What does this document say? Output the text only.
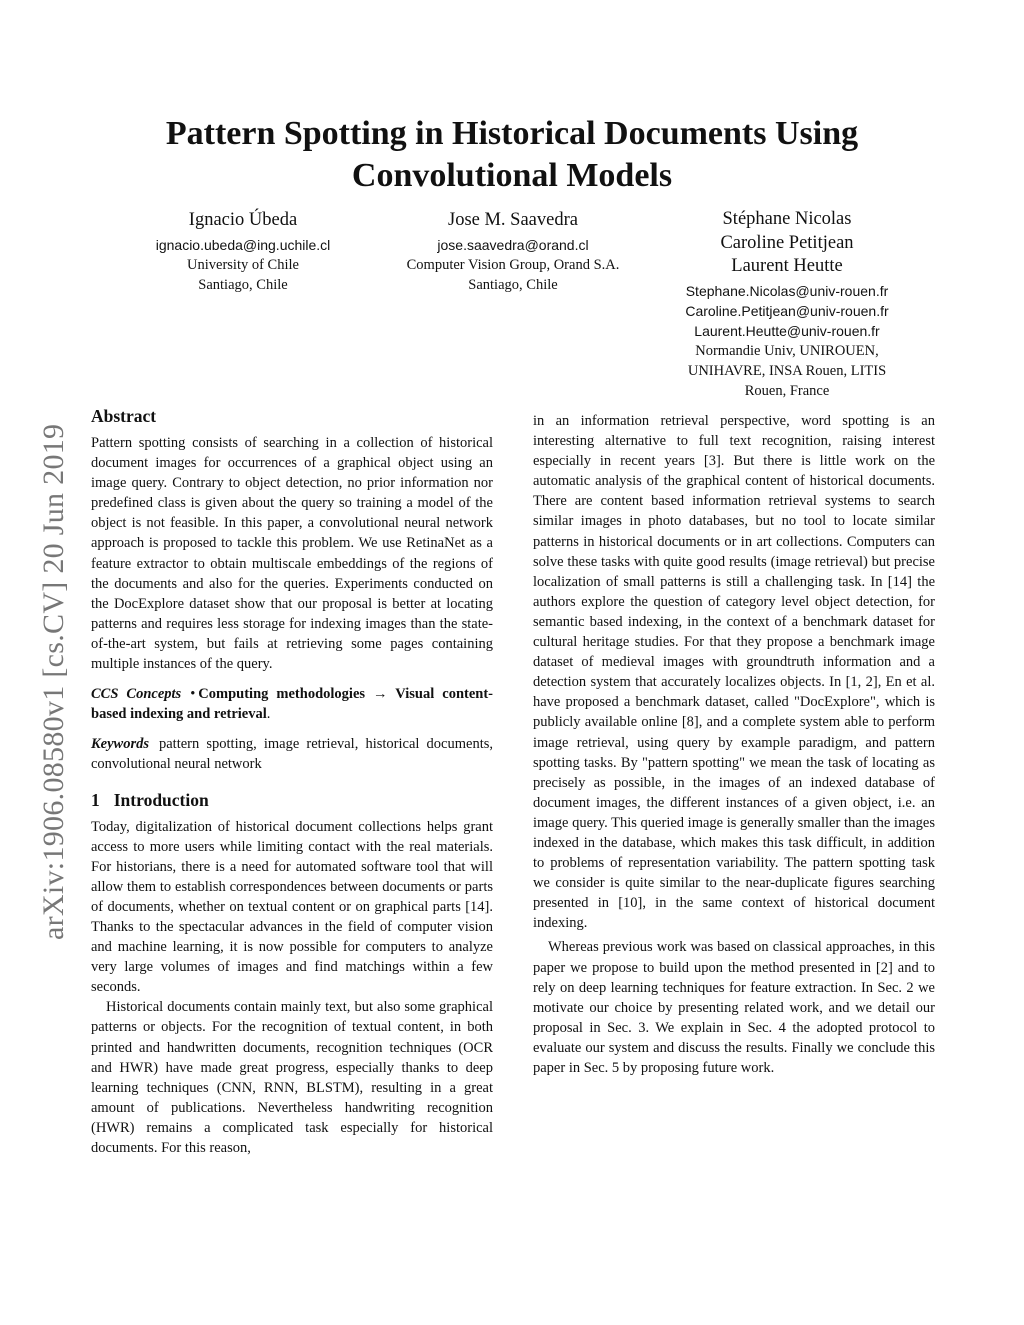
arXiv:1906.08580v1 [cs.CV] 20 Jun 2019
Pattern Spotting in Historical Documents Using
Convolutional Models
Ignacio Úbeda
ignacio.ubeda@ing.uchile.cl
University of Chile
Santiago, Chile
Jose M. Saavedra
jose.saavedra@orand.cl
Computer Vision Group, Orand S.A.
Santiago, Chile
Stéphane Nicolas
Caroline Petitjean
Laurent Heutte
Stephane.Nicolas@univ-rouen.fr
Caroline.Petitjean@univ-rouen.fr
Laurent.Heutte@univ-rouen.fr
Normandie Univ, UNIROUEN,
UNIHAVRE, INSA Rouen, LITIS
Rouen, France
Abstract

Pattern spotting consists of searching in a collection of historical document images for occurrences of a graphical object using an image query. Contrary to object detection, no prior information nor predefined class is given about the query so training a model of the object is not feasible. In this paper, a convolutional neural network approach is proposed to tackle this problem. We use RetinaNet as a feature extractor to obtain multiscale embeddings of the regions of the documents and also for the queries. Experiments conducted on the DocExplore dataset show that our proposal is better at locating patterns and requires less storage for indexing images than the state-of-the-art system, but fails at retrieving some pages containing multiple instances of the query.

CCS Concepts • Computing methodologies → Visual content-based indexing and retrieval.

Keywords pattern spotting, image retrieval, historical documents, convolutional neural network

1 Introduction

Today, digitalization of historical document collections helps grant access to more users while limiting contact with the real materials. For historians, there is a need for automated software tool that will allow them to establish correspondences between documents or parts of documents, whether on textual content or on graphical parts [14]. Thanks to the spectacular advances in the field of computer vision and machine learning, it is now possible for computers to analyze very large volumes of images and find matchings within a few seconds.

Historical documents contain mainly text, but also some graphical patterns or objects. For the recognition of textual content, in both printed and handwritten documents, recognition techniques (OCR and HWR) have made great progress, especially thanks to deep learning techniques (CNN, RNN, BLSTM), resulting in a great amount of publications. Nevertheless handwriting recognition (HWR) remains a complicated task especially for historical documents. For this reason,

in an information retrieval perspective, word spotting is an interesting alternative to full text recognition, raising interest especially in recent years [3]. But there is little work on the automatic analysis of the graphical content of historical documents. There are content based information retrieval systems to search similar images in photo databases, but no tool to locate similar patterns in historical documents or in art collections. Computers can solve these tasks with quite good results (image retrieval) but precise localization of small patterns is still a challenging task. In [14] the authors explore the question of category level object detection, for semantic based indexing, in the context of a benchmark dataset for cultural heritage studies. For that they propose a benchmark image dataset of medieval images with groundtruth information and a detection system that accurately localizes objects. In [1, 2], En et al. have proposed a benchmark dataset, called "DocExplore", which is publicly available online [8], and a complete system able to perform image retrieval, using query by example paradigm, and pattern spotting tasks. By "pattern spotting" we mean the task of locating as precisely as possible, in the images of an indexed database of document images, the different instances of a given object, i.e. an image query. This queried image is generally smaller than the images indexed in the database, which makes this task difficult, in addition to problems of representation variability. The pattern spotting task we consider is quite similar to the near-duplicate figures searching presented in [10], in the same context of historical document indexing.

Whereas previous work was based on classical approaches, in this paper we propose to build upon the method presented in [2] and to rely on deep learning techniques for feature extraction. In Sec. 2 we motivate our choice by presenting related work, and we detail our proposal in Sec. 3. We explain in Sec. 4 the adopted protocol to evaluate our system and discuss the results. Finally we conclude this paper in Sec. 5 by proposing future work.
